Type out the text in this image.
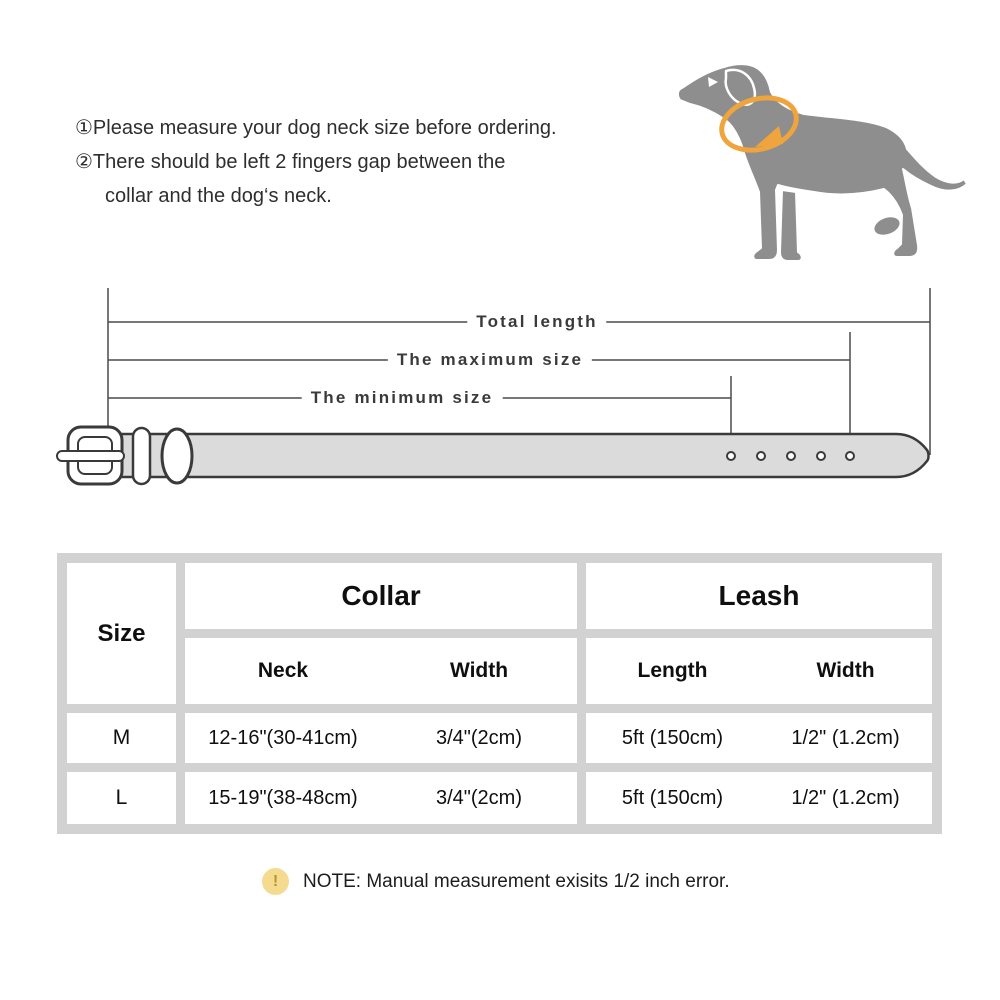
①Please measure your dog neck size before ordering.
②There should be left 2 fingers gap between the
collar and the dog‘s neck.
Total length
The maximum size
The minimum size
Size
Collar	Leash
Neck	Width	Length	Width
M	12-16"(30-41cm)	3/4"(2cm)	5ft (150cm)	1/2" (1.2cm)
L	15-19"(38-48cm)	3/4"(2cm)	5ft (150cm)	1/2" (1.2cm)
!	NOTE: Manual measurement exisits 1/2 inch error.
